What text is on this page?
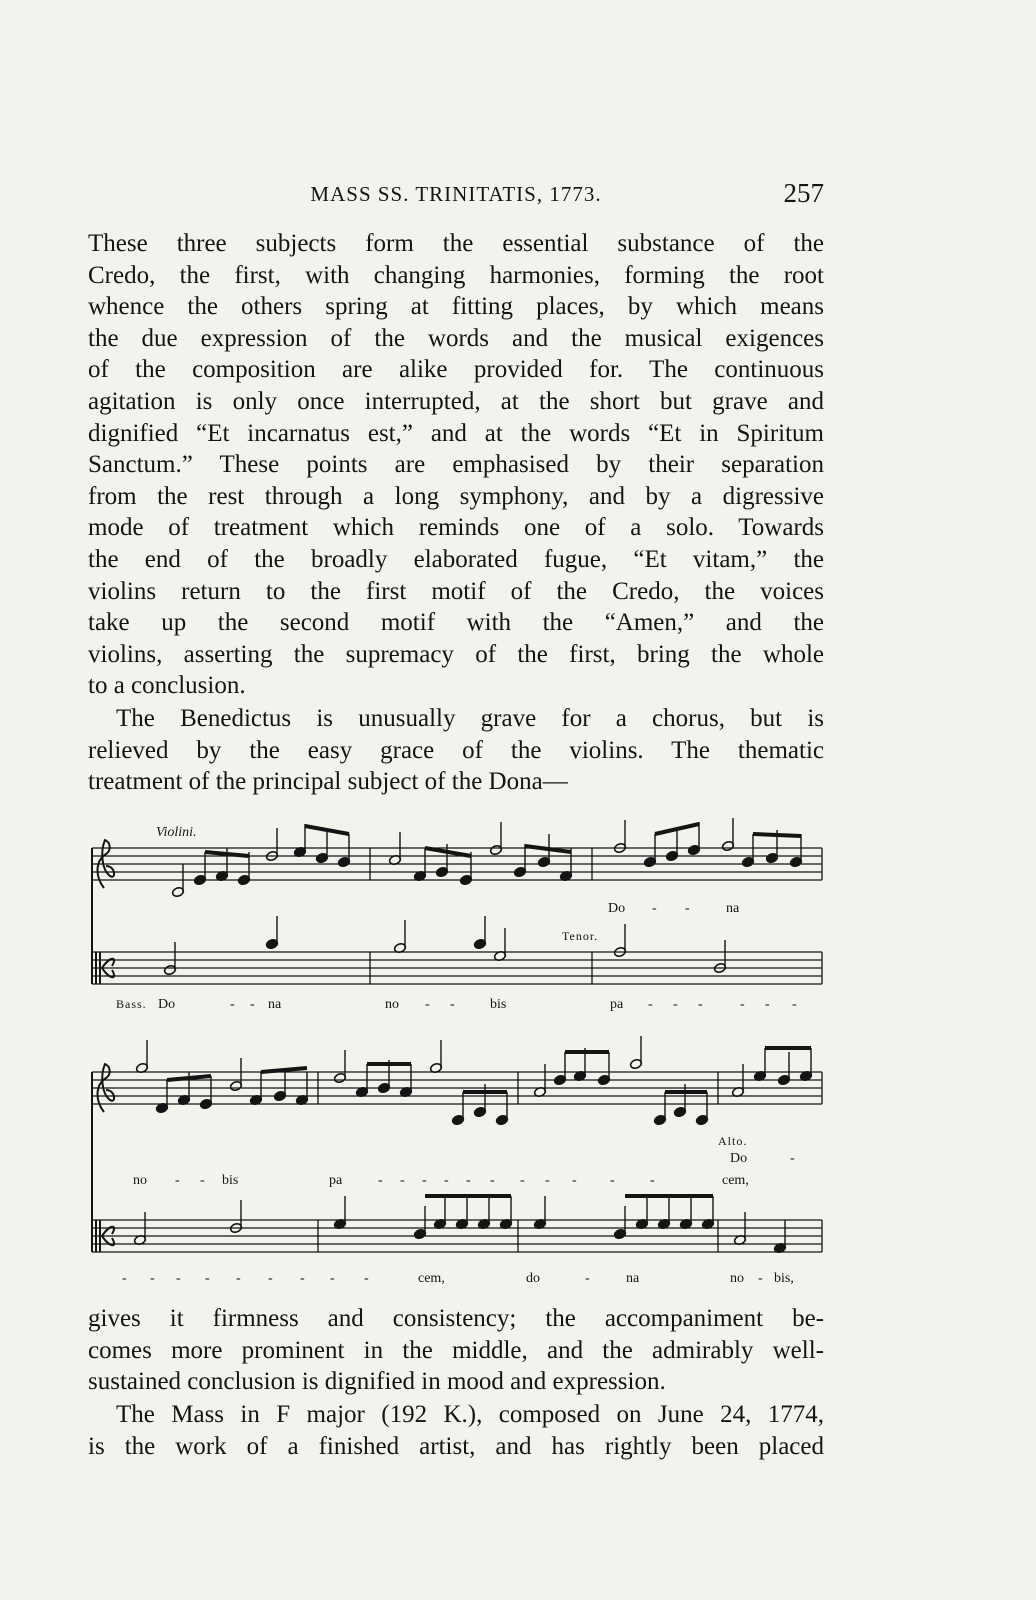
MASS SS. TRINITATIS, 1773.	257
These three subjects form the essential substance of the
Credo, the first, with changing harmonies, forming the root
whence the others spring at fitting places, by which means
the due expression of the words and the musical exigences
of the composition are alike provided for. The continuous
agitation is only once interrupted, at the short but grave and
dignified “Et incarnatus est,” and at the words “Et in Spiritum
Sanctum.” These points are emphasised by their separation
from the rest through a long symphony, and by a digressive
mode of treatment which reminds one of a solo. Towards
the end of the broadly elaborated fugue, “Et vitam,” the
violins return to the first motif of the Credo, the voices
take up the second motif with the “Amen,” and the
violins, asserting the supremacy of the first, bring the whole
to a conclusion.
The Benedictus is unusually grave for a chorus, but is
relieved by the easy grace of the violins. The thematic
treatment of the principal subject of the Dona—
Violini.
Tenor.
Bass.
Alto.
Do - -	na
Do	- - na	no - -	bis	pa - - -	- - -
Do	-
no - - bis	pa	- - - - - - - - - -	-	cem,
- - - - - - - - -	cem,	do	-	na	no - bis,
gives it firmness and consistency; the accompaniment be-
comes more prominent in the middle, and the admirably well-
sustained conclusion is dignified in mood and expression.
The Mass in F major (192 K.), composed on June 24, 1774,
is the work of a finished artist, and has rightly been placed
